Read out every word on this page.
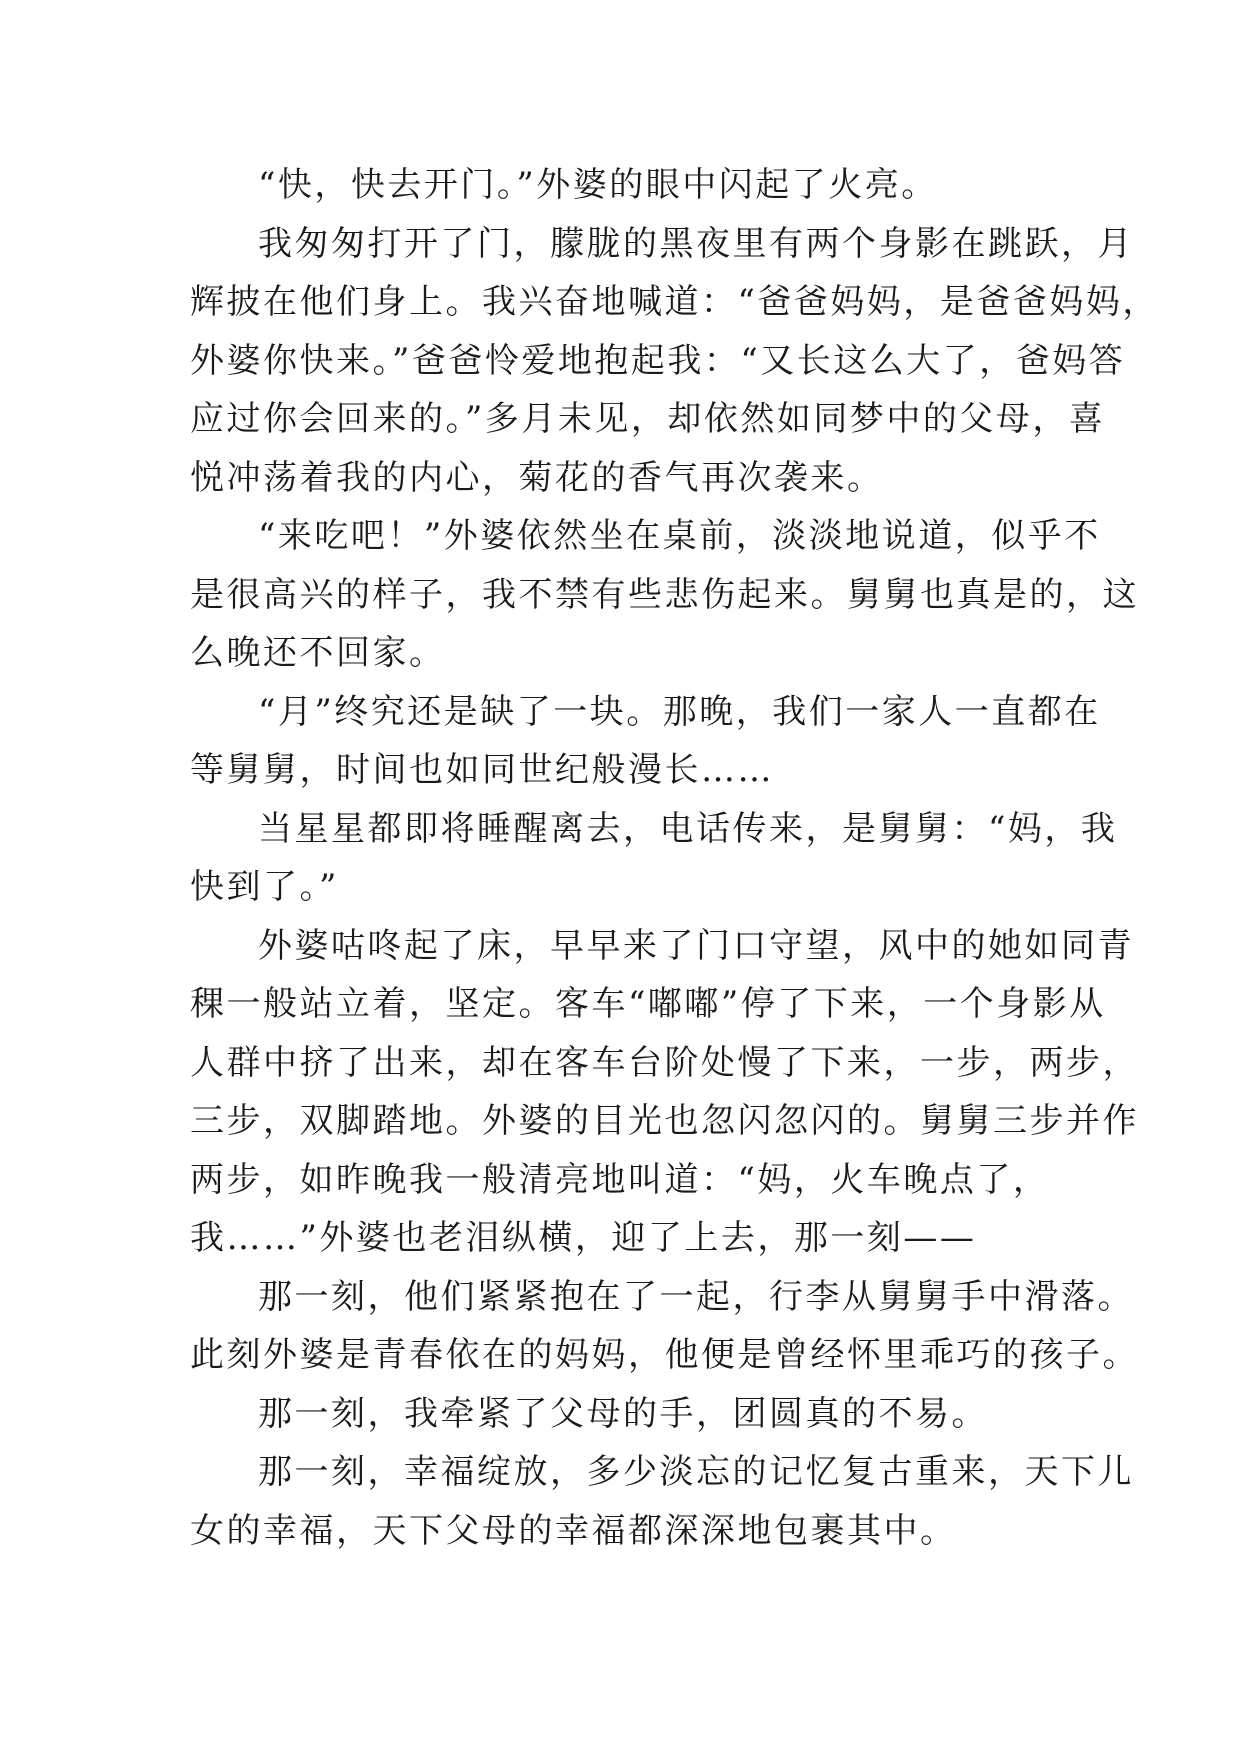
“快，快去开门。”外婆的眼中闪起了火亮。

我匆匆打开了门，朦胧的黑夜里有两个身影在跳跃，月
辉披在他们身上。我兴奋地喊道：“爸爸妈妈，是爸爸妈妈，
外婆你快来。”爸爸怜爱地抱起我：“又长这么大了，爸妈答
应过你会回来的。”多月未见，却依然如同梦中的父母，喜
悦冲荡着我的内心，菊花的香气再次袭来。

“来吃吧！”外婆依然坐在桌前，淡淡地说道，似乎不
是很高兴的样子，我不禁有些悲伤起来。舅舅也真是的，这
么晚还不回家。

“月”终究还是缺了一块。那晚，我们一家人一直都在
等舅舅，时间也如同世纪般漫长……

当星星都即将睡醒离去，电话传来，是舅舅：“妈，我
快到了。”

外婆咕咚起了床，早早来了门口守望，风中的她如同青
稞一般站立着，坚定。客车“嘟嘟”停了下来，一个身影从
人群中挤了出来，却在客车台阶处慢了下来，一步，两步，
三步，双脚踏地。外婆的目光也忽闪忽闪的。舅舅三步并作
两步，如昨晚我一般清亮地叫道：“妈，火车晚点了，
我……”外婆也老泪纵横，迎了上去，那一刻——

那一刻，他们紧紧抱在了一起，行李从舅舅手中滑落。
此刻外婆是青春依在的妈妈，他便是曾经怀里乖巧的孩子。

那一刻，我牵紧了父母的手，团圆真的不易。

那一刻，幸福绽放，多少淡忘的记忆复古重来，天下儿
女的幸福，天下父母的幸福都深深地包裹其中。
